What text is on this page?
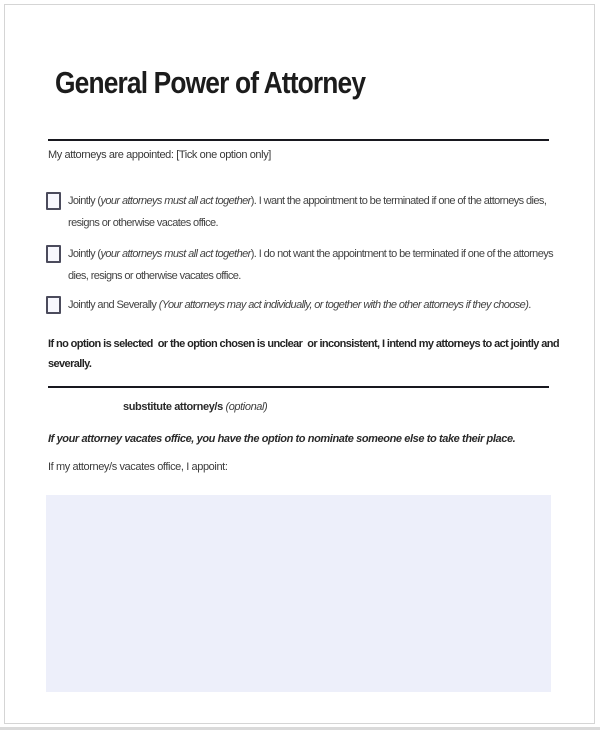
General Power of Attorney
My attorneys are appointed: [Tick one option only]
Jointly (your attorneys must all act together). I want the appointment to be terminated if one of the attorneys dies, resigns or otherwise vacates office.
Jointly (your attorneys must all act together). I do not want the appointment to be terminated if one of the attorneys dies, resigns or otherwise vacates office.
Jointly and Severally (Your attorneys may act individually, or together with the other attorneys if they choose).
If no option is selected  or the option chosen is unclear  or inconsistent, I intend my attorneys to act jointly and severally.
substitute attorney/s (optional)
If your attorney vacates office, you have the option to nominate someone else to take their place.
If my attorney/s vacates office, I appoint:
